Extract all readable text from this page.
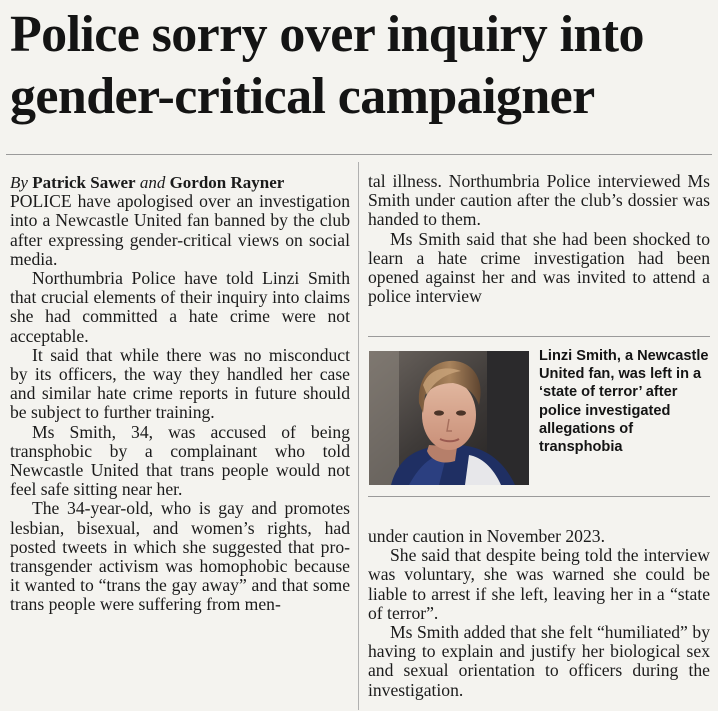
Police sorry over inquiry into gender-critical campaigner

By Patrick Sawer and Gordon Rayner

POLICE have apologised over an investigation into a Newcastle United fan banned by the club after expressing gender-critical views on social media.

Northumbria Police have told Linzi Smith that crucial elements of their inquiry into claims she had committed a hate crime were not acceptable.

It said that while there was no misconduct by its officers, the way they handled her case and similar hate crime reports in future should be subject to further training.

Ms Smith, 34, was accused of being transphobic by a complainant who told Newcastle United that trans people would not feel safe sitting near her.

The 34-year-old, who is gay and promotes lesbian, bisexual, and women’s rights, had posted tweets in which she suggested that pro-transgender activism was homophobic because it wanted to “trans the gay away” and that some trans people were suffering from men-

tal illness. Northumbria Police interviewed Ms Smith under caution after the club’s dossier was handed to them.

Ms Smith said that she had been shocked to learn a hate crime investigation had been opened against her and was invited to attend a police interview

Linzi Smith, a Newcastle United fan, was left in a ‘state of terror’ after police investigated allegations of transphobia

under caution in November 2023.

She said that despite being told the interview was voluntary, she was warned she could be liable to arrest if she left, leaving her in a “state of terror”.

Ms Smith added that she felt “humiliated” by having to explain and justify her biological sex and sexual orientation to officers during the investigation.
